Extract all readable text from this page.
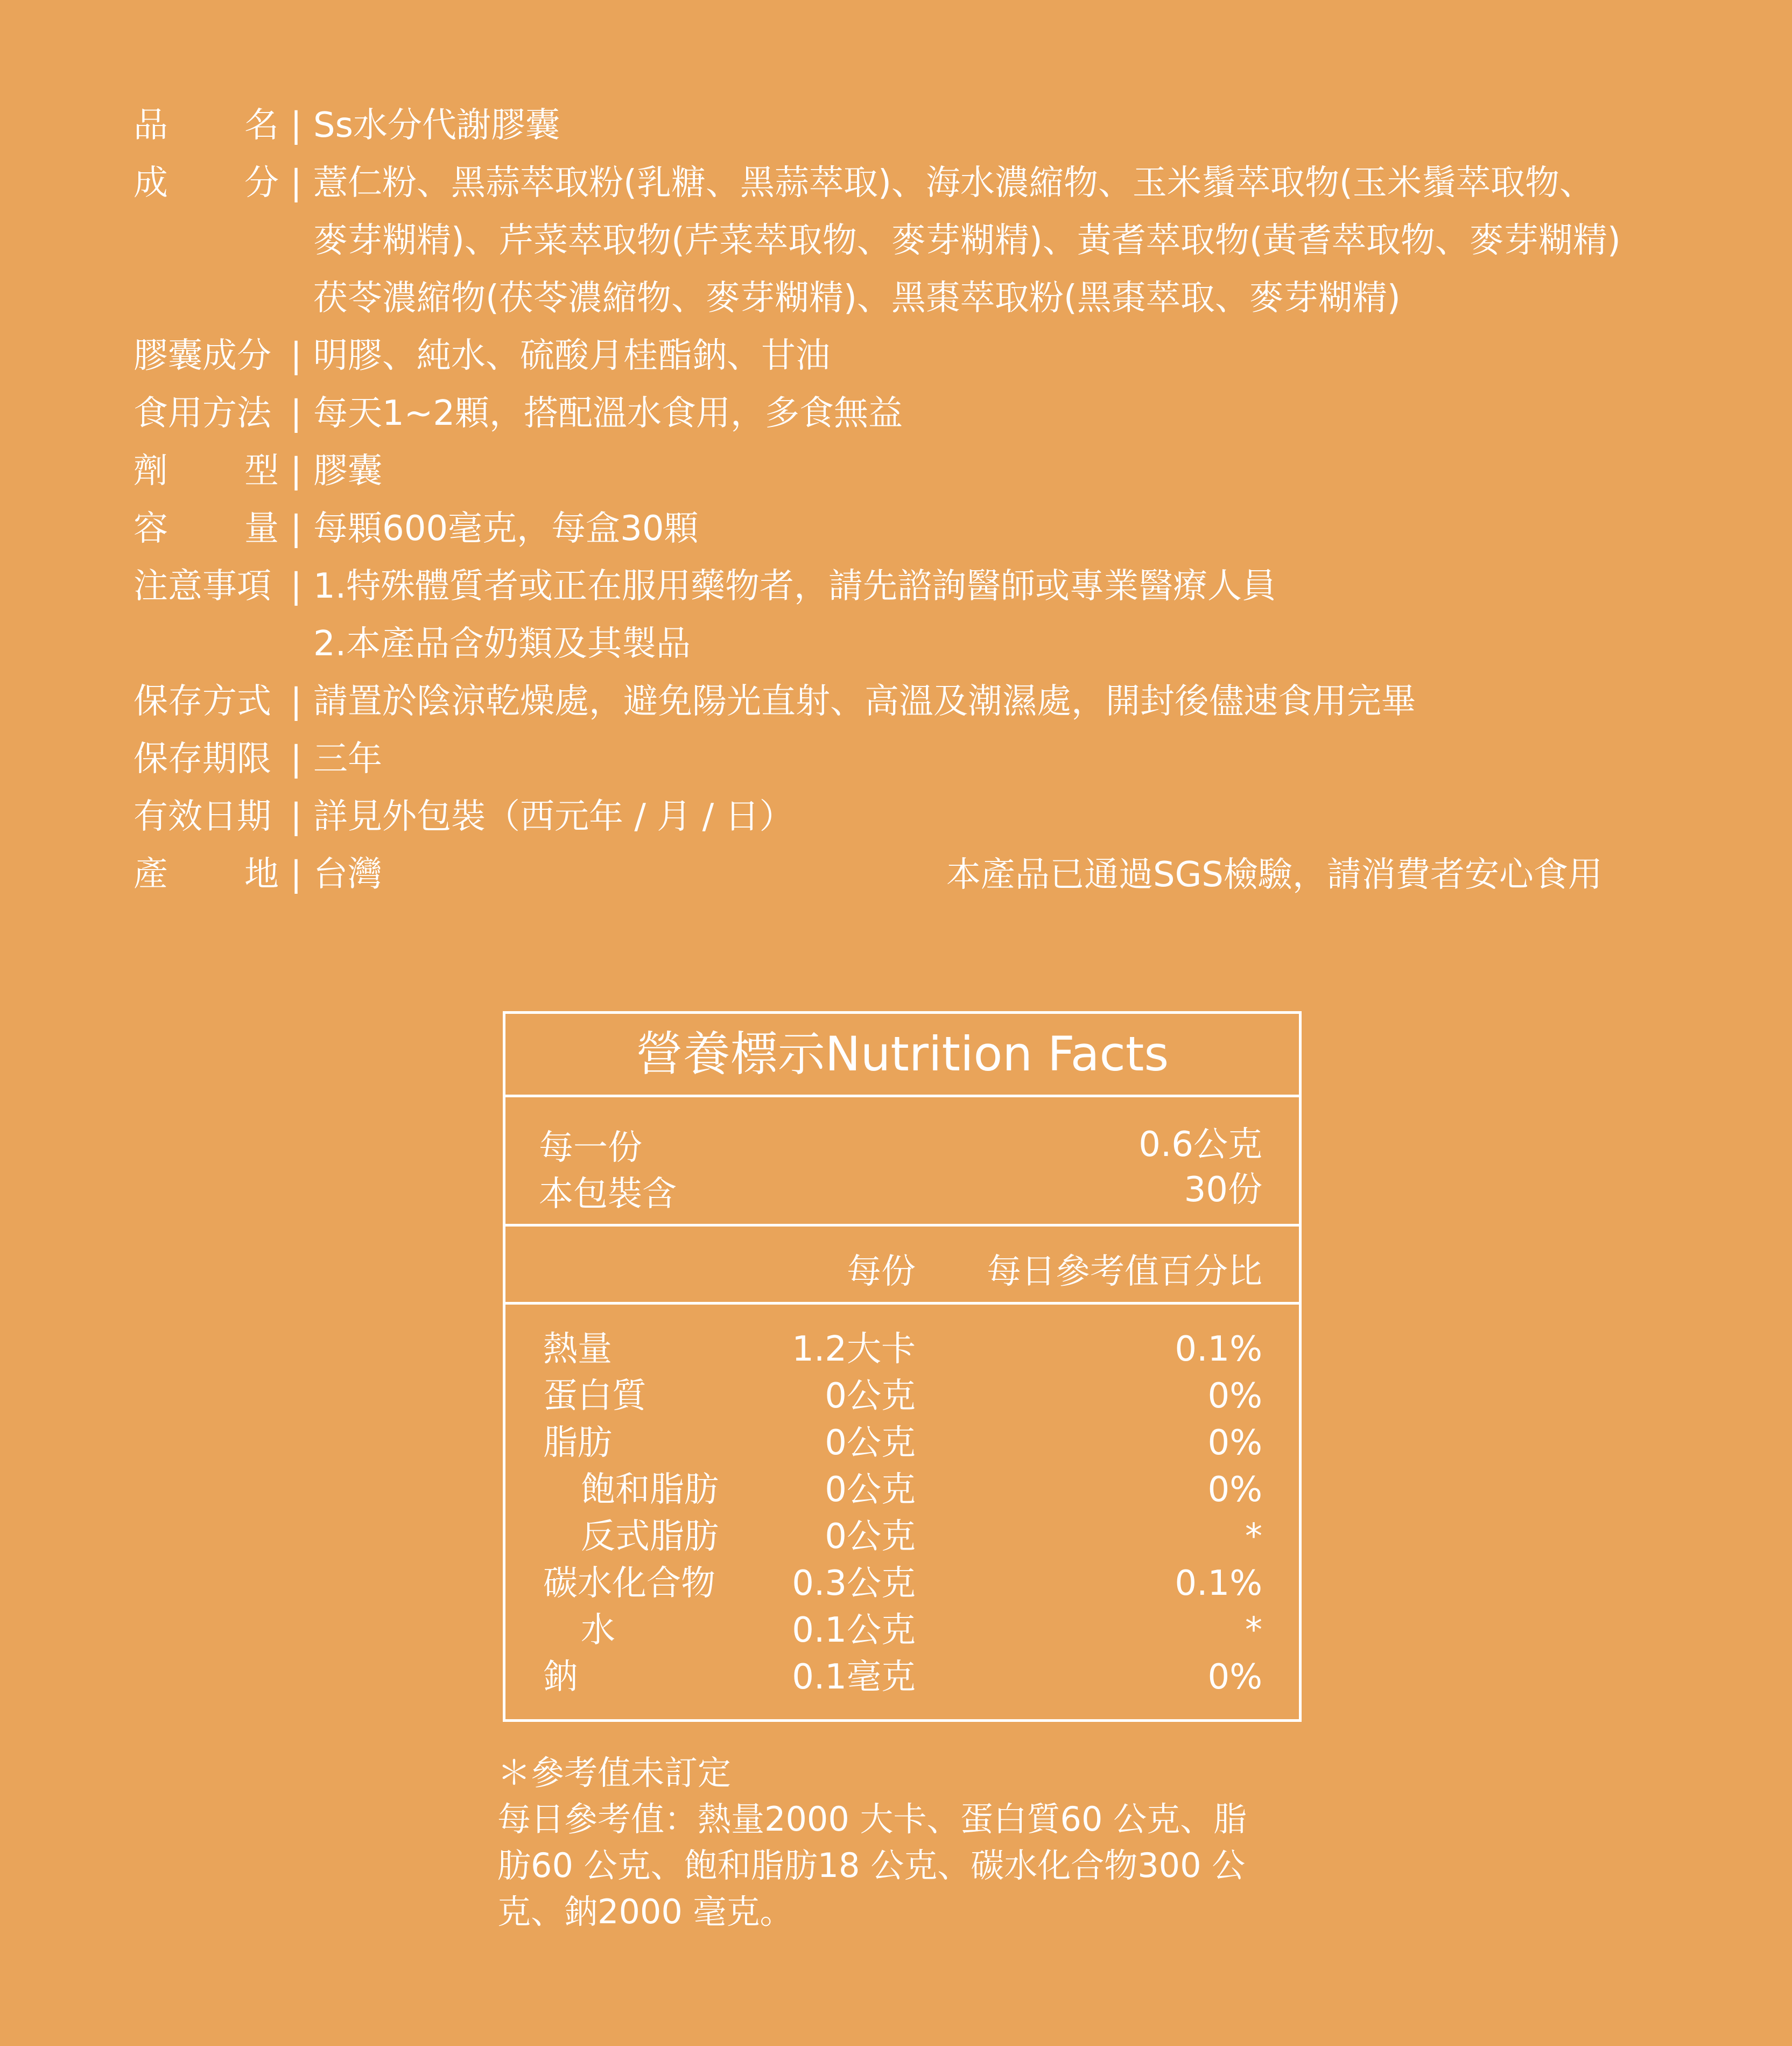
品 名 | Ss水分代謝膠囊
成 分 | 薏仁粉、黑蒜萃取粉(乳糖、黑蒜萃取)、海水濃縮物、玉米鬚萃取物(玉米鬚萃取物、
麥芽糊精)、芹菜萃取物(芹菜萃取物、麥芽糊精)、黃耆萃取物(黃耆萃取物、麥芽糊精)
茯苓濃縮物(茯苓濃縮物、麥芽糊精)、黑棗萃取粉(黑棗萃取、麥芽糊精)
膠囊成分 | 明膠、純水、硫酸月桂酯鈉、甘油
食用方法 | 每天1~2顆，搭配溫水食用，多食無益
劑 型 | 膠囊
容 量 | 每顆600毫克，每盒30顆
注意事項 | 1.特殊體質者或正在服用藥物者，請先諮詢醫師或專業醫療人員
2.本產品含奶類及其製品
保存方式 | 請置於陰涼乾燥處，避免陽光直射、高溫及潮濕處，開封後儘速食用完畢
保存期限 | 三年
有效日期 | 詳見外包裝（西元年 / 月 / 日）
產 地 | 台灣	本產品已通過SGS檢驗，請消費者安心食用
營養標示Nutrition Facts
每一份	0.6公克
本包裝含	30份
每份 每日參考值百分比
熱量	1.2大卡	0.1%
蛋白質	0公克	0%
脂肪	0公克	0%
飽和脂肪	0公克	0%
反式脂肪	0公克	*
碳水化合物 0.3公克	0.1%
水	0.1公克	*
鈉	0.1毫克	0%
＊參考值未訂定
每日參考值：熱量2000 大卡、蛋白質60 公克、脂
肪60 公克、飽和脂肪18 公克、碳水化合物300 公
克、鈉2000 毫克。
